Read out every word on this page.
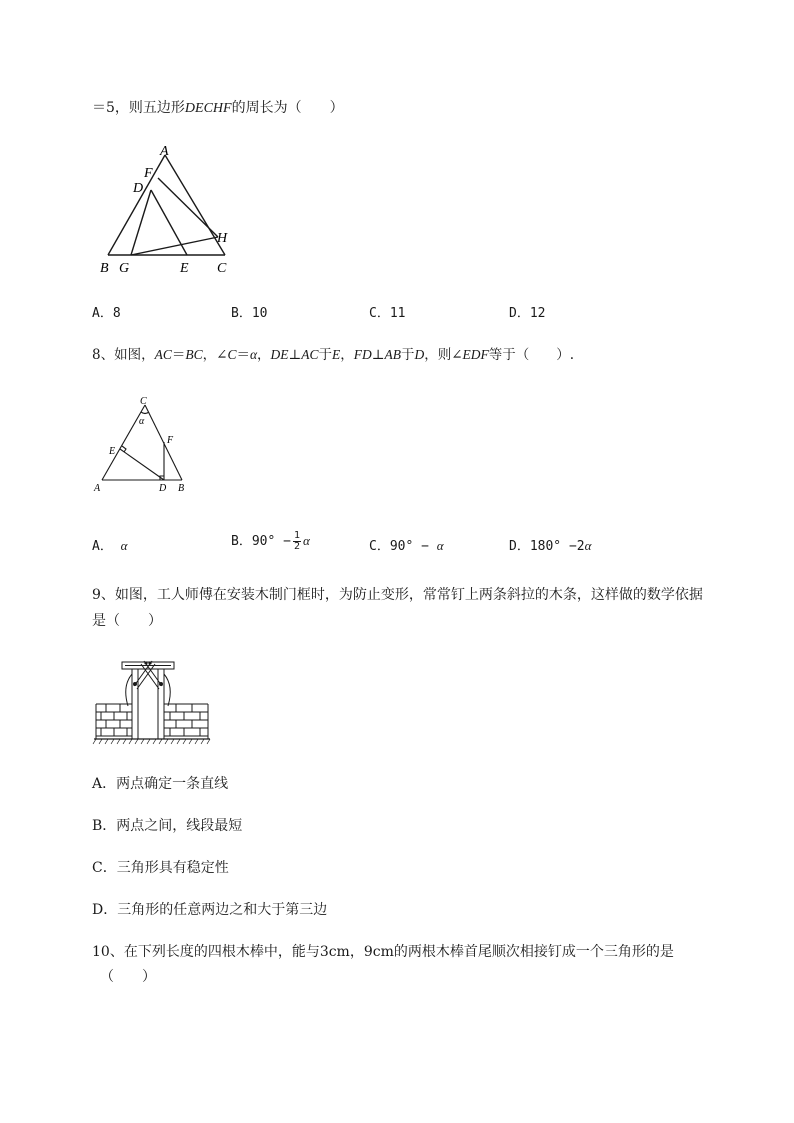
＝5，则五边形DECHF的周长为（　　）
A
F
D
H
B G	E C
A．8	B．10	C．11	D．12
8、如图，AC＝BC，∠C＝α，DE⊥AC于E，FD⊥AB于D，则∠EDF等于（　　）.
C
α
F
E
A	D B
A． α	B．$90^\circ - \frac{1}{2}$ α	C．90° − α	D．180° −2α
9、如图，工人师傅在安装木制门框时，为防止变形，常常钉上两条斜拉的木条，这样做的数学依据
是（　　）
A．两点确定一条直线
B．两点之间，线段最短
C．三角形具有稳定性
D．三角形的任意两边之和大于第三边
10、在下列长度的四根木棒中，能与3cm，9cm的两根木棒首尾顺次相接钉成一个三角形的是
（　　）
